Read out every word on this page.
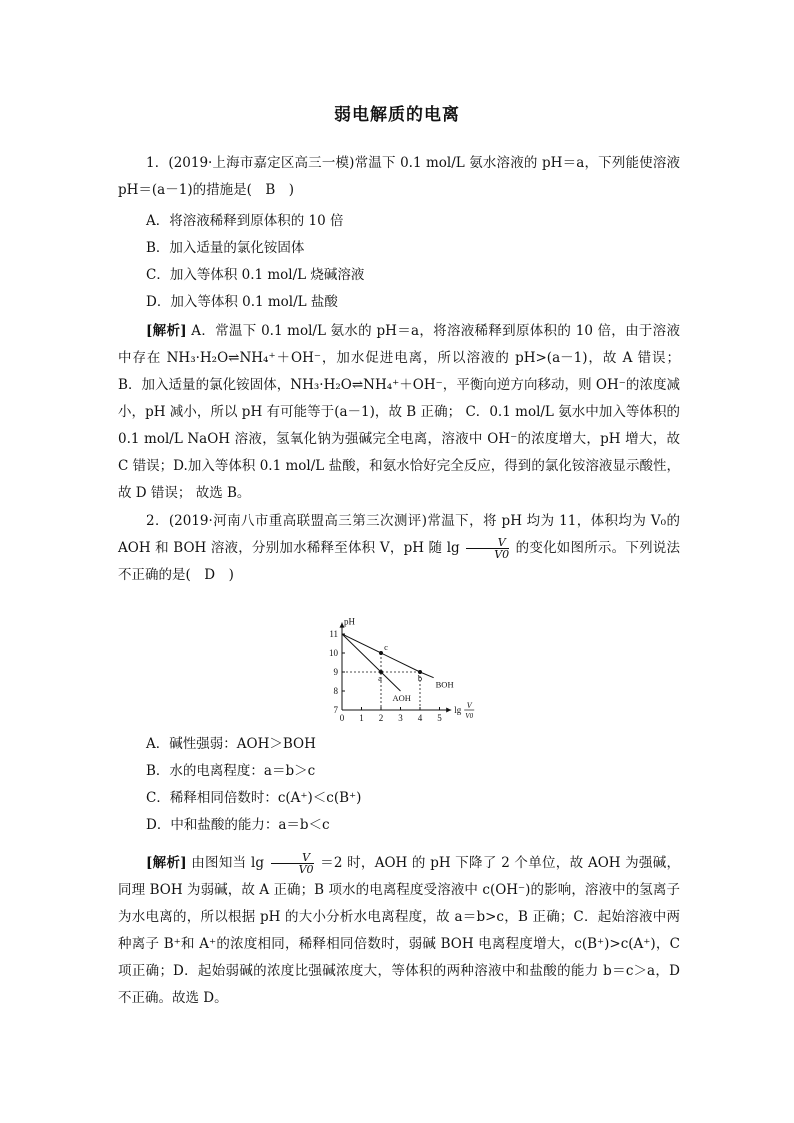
弱电解质的电离
1．(2019·上海市嘉定区高三一模)常温下 0.1 mol/L 氨水溶液的 pH＝a，下列能使溶液 pH＝(a－1)的措施是(　B　)
A．将溶液稀释到原体积的 10 倍
B．加入适量的氯化铵固体
C．加入等体积 0.1 mol/L 烧碱溶液
D．加入等体积 0.1 mol/L 盐酸
[解析] A．常温下 0.1 mol/L 氨水的 pH＝a，将溶液稀释到原体积的 10 倍，由于溶液中存在 NH₃·H₂O⇌NH₄⁺＋OH⁻，加水促进电离，所以溶液的 pH>(a－1)，故 A 错误； B．加入适量的氯化铵固体，NH₃·H₂O⇌NH₄⁺＋OH⁻，平衡向逆方向移动，则 OH⁻的浓度减小，pH 减小，所以 pH 有可能等于(a－1)，故 B 正确； C．0.1 mol/L 氨水中加入等体积的 0.1 mol/L NaOH 溶液，氢氧化钠为强碱完全电离，溶液中 OH⁻的浓度增大，pH 增大，故 C 错误；D.加入等体积 0.1 mol/L 盐酸，和氨水恰好完全反应，得到的氯化铵溶液显示酸性，故 D 错误； 故选 B。
2．(2019·河南八市重高联盟高三第三次测评)常温下，将 pH 均为 11，体积均为 V₀的 AOH 和 BOH 溶液，分别加水稀释至体积 V，pH 随 $\lg \frac{V}{V0}$ 的变化如图所示。下列说法不正确的是(　D　)
7
8
9
10
11
0 1 2 3 4 5
pH
lg V
V0
AOH
BOH
a	b
c
A．碱性强弱：AOH＞BOH
B．水的电离程度：a＝b＞c
C．稀释相同倍数时：c(A⁺)＜c(B⁺)
D．中和盐酸的能力：a＝b＜c
[解析] 由图知当 $\lg \frac{V}{V0} =2$ 时，AOH 的 pH 下降了 2 个单位，故 AOH 为强碱，同理 BOH 为弱碱，故 A 正确；B 项水的电离程度受溶液中 c(OH⁻)的影响，溶液中的氢离子为水电离的，所以根据 pH 的大小分析水电离程度，故 a＝b>c，B 正确；C．起始溶液中两种离子 B⁺和 A⁺的浓度相同，稀释相同倍数时，弱碱 BOH 电离程度增大，c(B⁺)>c(A⁺)，C 项正确；D．起始弱碱的浓度比强碱浓度大，等体积的两种溶液中和盐酸的能力 b＝c＞a，D 不正确。故选 D。
